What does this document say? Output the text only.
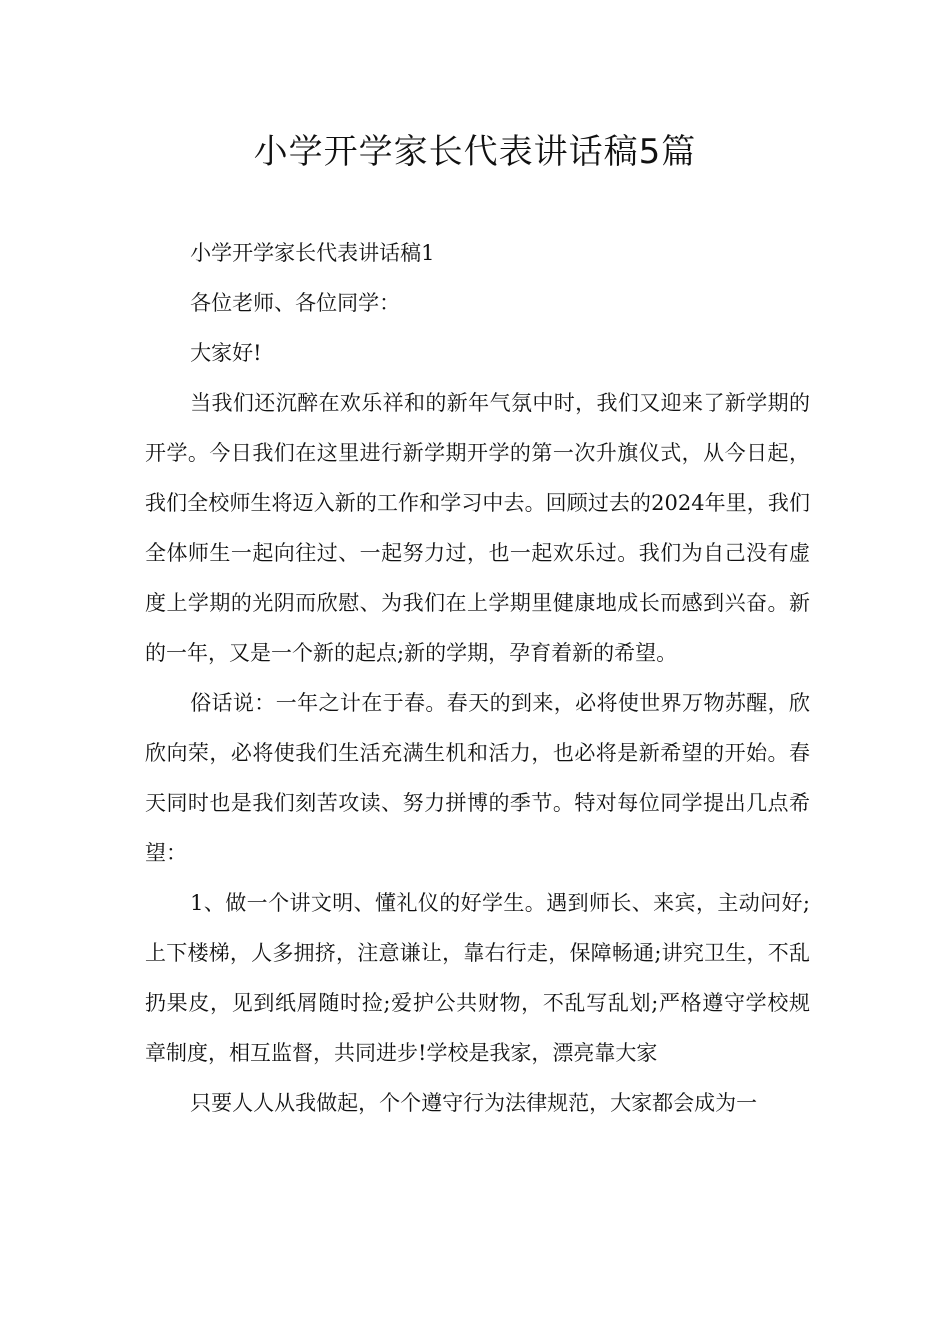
小学开学家长代表讲话稿5篇

小学开学家长代表讲话稿1

各位老师、各位同学：

大家好!

当我们还沉醉在欢乐祥和的新年气氛中时，我们又迎来了新学期的开学。今日我们在这里进行新学期开学的第一次升旗仪式，从今日起，我们全校师生将迈入新的工作和学习中去。回顾过去的2024年里，我们全体师生一起向往过、一起努力过，也一起欢乐过。我们为自己没有虚度上学期的光阴而欣慰、为我们在上学期里健康地成长而感到兴奋。新的一年，又是一个新的起点;新的学期，孕育着新的希望。

俗话说：一年之计在于春。春天的到来，必将使世界万物苏醒，欣欣向荣，必将使我们生活充满生机和活力，也必将是新希望的开始。春天同时也是我们刻苦攻读、努力拼博的季节。特对每位同学提出几点希望：

1、做一个讲文明、懂礼仪的好学生。遇到师长、来宾，主动问好;上下楼梯，人多拥挤，注意谦让，靠右行走，保障畅通;讲究卫生，不乱扔果皮，见到纸屑随时捡;爱护公共财物，不乱写乱划;严格遵守学校规章制度，相互监督，共同进步!学校是我家，漂亮靠大家

只要人人从我做起，个个遵守行为法律规范，大家都会成为一
